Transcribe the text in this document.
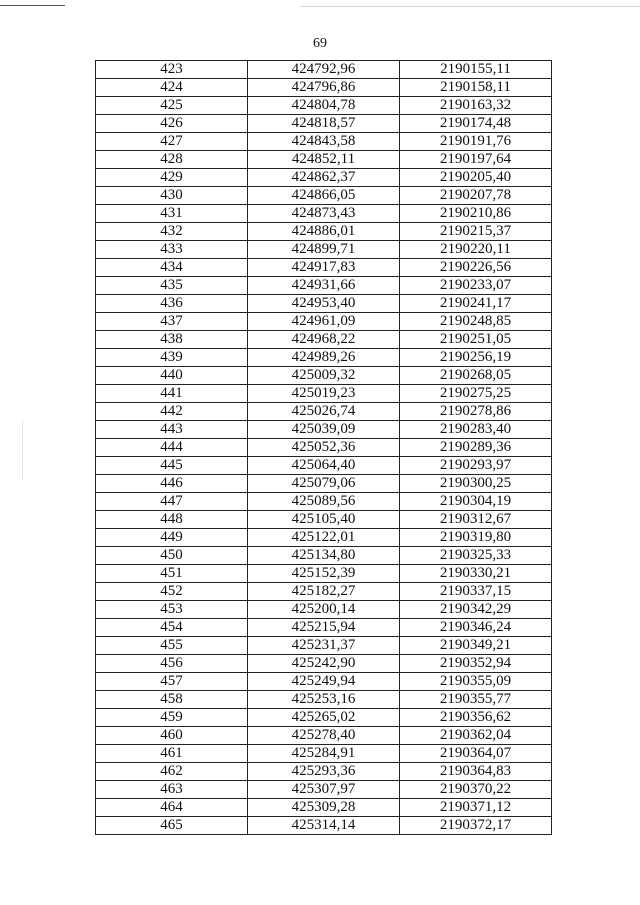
69
423	424792,96	2190155,11
424	424796,86	2190158,11
425	424804,78	2190163,32
426	424818,57	2190174,48
427	424843,58	2190191,76
428	424852,11	2190197,64
429	424862,37	2190205,40
430	424866,05	2190207,78
431	424873,43	2190210,86
432	424886,01	2190215,37
433	424899,71	2190220,11
434	424917,83	2190226,56
435	424931,66	2190233,07
436	424953,40	2190241,17
437	424961,09	2190248,85
438	424968,22	2190251,05
439	424989,26	2190256,19
440	425009,32	2190268,05
441	425019,23	2190275,25
442	425026,74	2190278,86
443	425039,09	2190283,40
444	425052,36	2190289,36
445	425064,40	2190293,97
446	425079,06	2190300,25
447	425089,56	2190304,19
448	425105,40	2190312,67
449	425122,01	2190319,80
450	425134,80	2190325,33
451	425152,39	2190330,21
452	425182,27	2190337,15
453	425200,14	2190342,29
454	425215,94	2190346,24
455	425231,37	2190349,21
456	425242,90	2190352,94
457	425249,94	2190355,09
458	425253,16	2190355,77
459	425265,02	2190356,62
460	425278,40	2190362,04
461	425284,91	2190364,07
462	425293,36	2190364,83
463	425307,97	2190370,22
464	425309,28	2190371,12
465	425314,14	2190372,17
